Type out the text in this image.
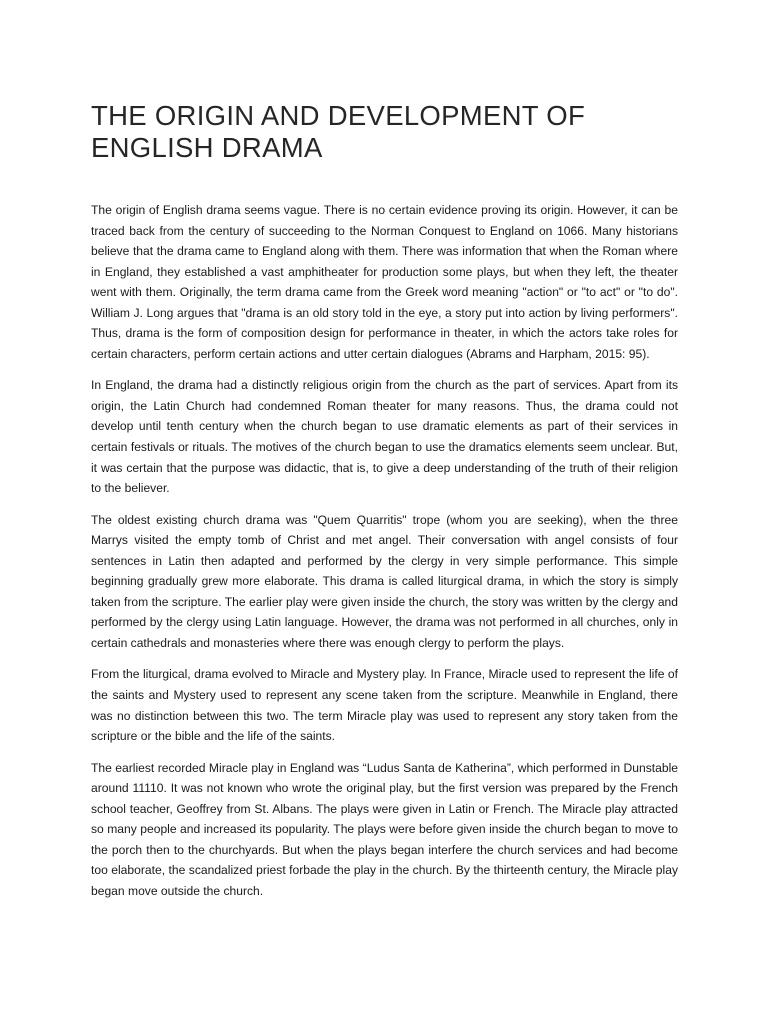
THE ORIGIN AND DEVELOPMENT OF
ENGLISH DRAMA

The origin of English drama seems vague. There is no certain evidence proving its origin. However, it can be traced back from the century of succeeding to the Norman Conquest to England on 1066. Many historians believe that the drama came to England along with them. There was information that when the Roman where in England, they established a vast amphitheater for production some plays, but when they left, the theater went with them. Originally, the term drama came from the Greek word meaning "action" or "to act" or "to do". William J. Long argues that "drama is an old story told in the eye, a story put into action by living performers". Thus, drama is the form of composition design for performance in theater, in which the actors take roles for certain characters, perform certain actions and utter certain dialogues (Abrams and Harpham, 2015: 95).

In England, the drama had a distinctly religious origin from the church as the part of services. Apart from its origin, the Latin Church had condemned Roman theater for many reasons. Thus, the drama could not develop until tenth century when the church began to use dramatic elements as part of their services in certain festivals or rituals. The motives of the church began to use the dramatics elements seem unclear. But, it was certain that the purpose was didactic, that is, to give a deep understanding of the truth of their religion to the believer.

The oldest existing church drama was "Quem Quarritis" trope (whom you are seeking), when the three Marrys visited the empty tomb of Christ and met angel. Their conversation with angel consists of four sentences in Latin then adapted and performed by the clergy in very simple performance. This simple beginning gradually grew more elaborate. This drama is called liturgical drama, in which the story is simply taken from the scripture. The earlier play were given inside the church, the story was written by the clergy and performed by the clergy using Latin language. However, the drama was not performed in all churches, only in certain cathedrals and monasteries where there was enough clergy to perform the plays.

From the liturgical, drama evolved to Miracle and Mystery play. In France, Miracle used to represent the life of the saints and Mystery used to represent any scene taken from the scripture. Meanwhile in England, there was no distinction between this two. The term Miracle play was used to represent any story taken from the scripture or the bible and the life of the saints.

The earliest recorded Miracle play in England was “Ludus Santa de Katherina”, which performed in Dunstable around 11110. It was not known who wrote the original play, but the first version was prepared by the French school teacher, Geoffrey from St. Albans. The plays were given in Latin or French. The Miracle play attracted so many people and increased its popularity. The plays were before given inside the church began to move to the porch then to the churchyards. But when the plays began interfere the church services and had become too elaborate, the scandalized priest forbade the play in the church. By the thirteenth century, the Miracle play began move outside the church.
